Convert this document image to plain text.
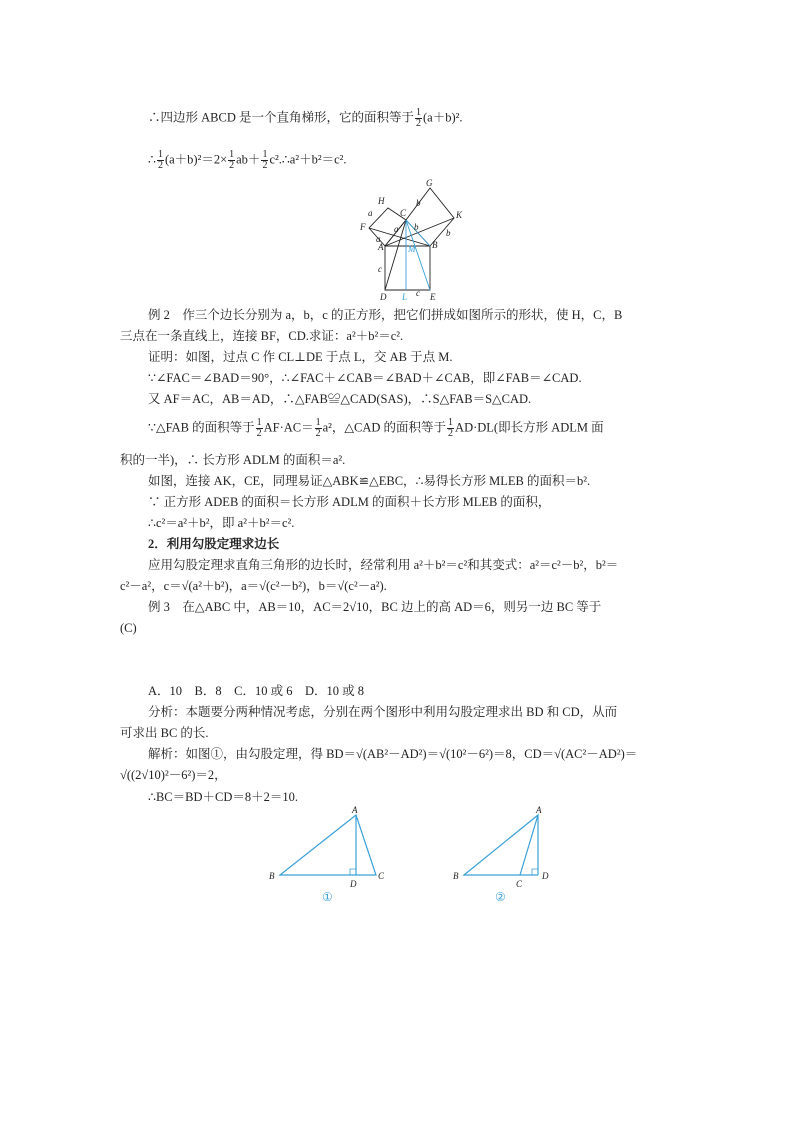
∴四边形 ABCD 是一个直角梯形，它的面积等于 $\frac{1}{2} (a+b)^2$.
∴ $\frac{1}{2} (a+b)^2=2\times \frac{1}{2} ab+ \frac{1}{2}$ c².∴a²＋b²＝c².
H
G
C	K
F
A	B
M
D L	E
a
a
a
b
b
b
c
c
例 2　作三个边长分别为 a，b，c 的正方形，把它们拼成如图所示的形状，使 H，C，B
三点在一条直线上，连接 BF，CD.求证：a²＋b²＝c².
证明：如图，过点 C 作 CL⊥DE 于点 L，交 AB 于点 M.
∵∠FAC＝∠BAD＝90°，∴∠FAC＋∠CAB＝∠BAD＋∠CAB，即∠FAB＝∠CAD.
又 AF＝AC，AB＝AD，∴△FAB≌△CAD(SAS)，∴S△FAB＝S△CAD.
∵△FAB 的面积等于 $\frac{1}{2} AF\cdot AC= \frac{1}{2} a^2$，△CAD 的面积等于 $\frac{1}{2} AD\cdot DL$(即长方形 ADLM 面
积的一半)，∴ 长方形 ADLM 的面积＝a².
如图，连接 AK，CE，同理易证△ABK≌△EBC，∴易得长方形 MLEB 的面积＝b².
∵ 正方形 ADEB 的面积＝长方形 ADLM 的面积＋长方形 MLEB 的面积，
∴c²＝a²＋b²，即 a²＋b²＝c².
2．利用勾股定理求边长
应用勾股定理求直角三角形的边长时，经常利用 a²＋b²＝c²和其变式：a²＝c²－b²，b²＝
c²－a²，c＝√(a²＋b²)，a＝√(c²－b²)，b＝√(c²－a²).
例 3　在△ABC 中，AB＝10，AC＝2√10，BC 边上的高 AD＝6，则另一边 BC 等于
(C)
A．10　B．8　C．10 或 6　D．10 或 8
分析：本题要分两种情况考虑，分别在两个图形中利用勾股定理求出 BD 和 CD，从而
可求出 BC 的长.
解析：如图①，由勾股定理，得 BD＝√(AB²－AD²)＝√(10²－6²)＝8，CD＝√(AC²－AD²)＝
√((2√10)²－6²)＝2，
∴BC＝BD＋CD＝8＋2＝10.
A
B
D
C
①
A
B
C
D
②
